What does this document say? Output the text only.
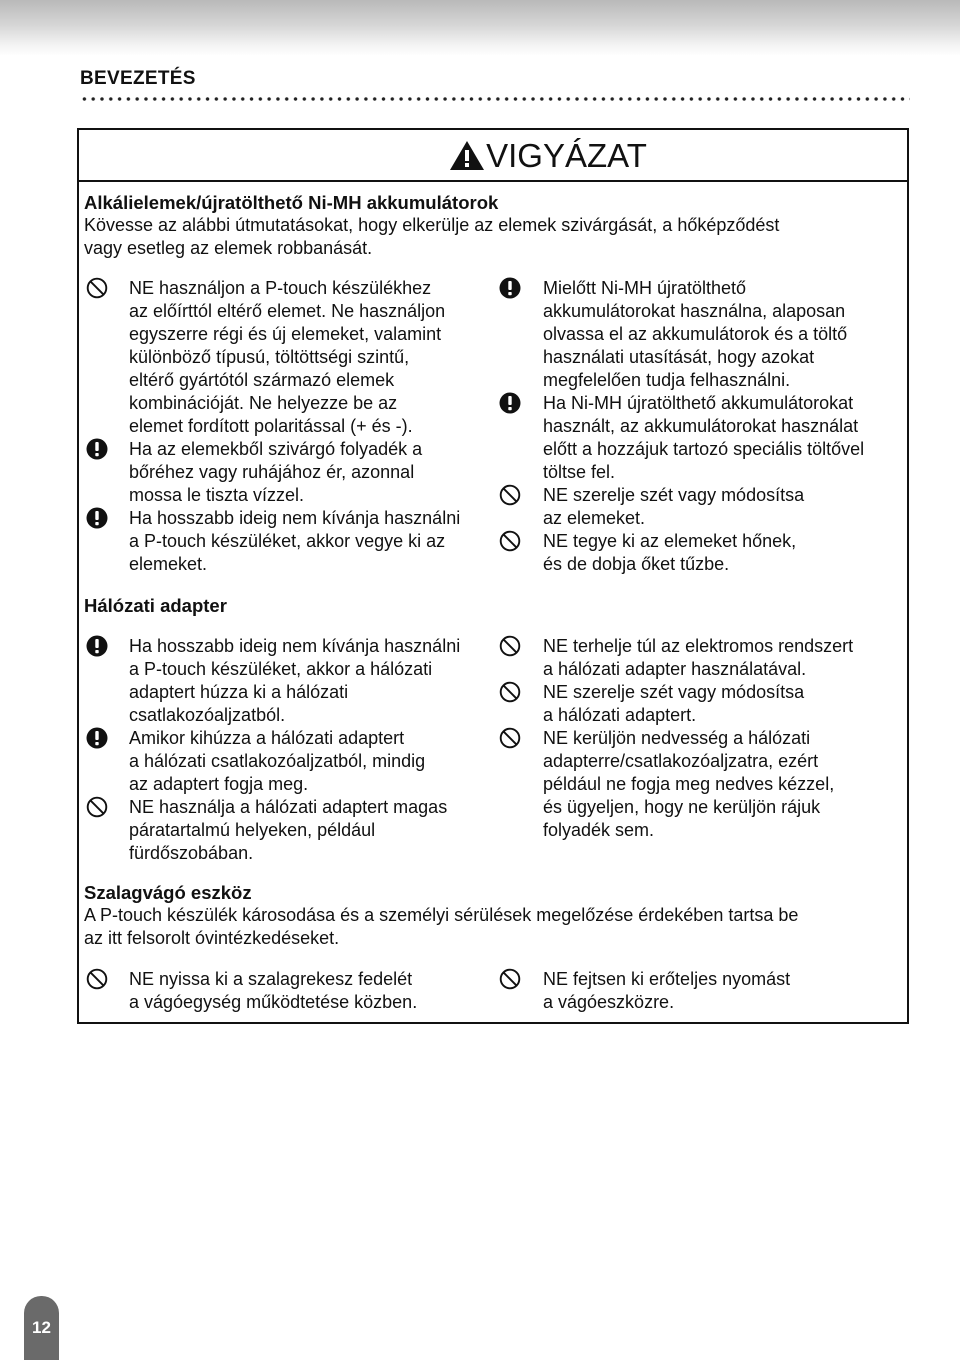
BEVEZETÉS
VIGYÁZAT
Alkálielemek/újratölthető Ni-MH akkumulátorok
Kövesse az alábbi útmutatásokat, hogy elkerülje az elemek szivárgását, a hőképződést
vagy esetleg az elemek robbanását.
Hálózati adapter
Szalagvágó eszköz
A P-touch készülék károsodása és a személyi sérülések megelőzése érdekében tartsa be
az itt felsorolt óvintézkedéseket.
NE használjon a P-touch készülékhez
az előírttól eltérő elemet. Ne használjon
egyszerre régi és új elemeket, valamint
különböző típusú, töltöttségi szintű,
eltérő gyártótól származó elemek
kombinációját. Ne helyezze be az
elemet fordított polaritással (+ és -).
Ha az elemekből szivárgó folyadék a
bőréhez vagy ruhájához ér, azonnal
mossa le tiszta vízzel.
Ha hosszabb ideig nem kívánja használni
a P-touch készüléket, akkor vegye ki az
elemeket.
Mielőtt Ni-MH újratölthető
akkumulátorokat használna, alaposan
olvassa el az akkumulátorok és a töltő
használati utasítását, hogy azokat
megfelelően tudja felhasználni.
Ha Ni-MH újratölthető akkumulátorokat
használt, az akkumulátorokat használat
előtt a hozzájuk tartozó speciális töltővel
töltse fel.
NE szerelje szét vagy módosítsa
az elemeket.
NE tegye ki az elemeket hőnek,
és de dobja őket tűzbe.
Ha hosszabb ideig nem kívánja használni
a P-touch készüléket, akkor a hálózati
adaptert húzza ki a hálózati
csatlakozóaljzatból.
Amikor kihúzza a hálózati adaptert
a hálózati csatlakozóaljzatból, mindig
az adaptert fogja meg.
NE használja a hálózati adaptert magas
páratartalmú helyeken, például
fürdőszobában.
NE terhelje túl az elektromos rendszert
a hálózati adapter használatával.
NE szerelje szét vagy módosítsa
a hálózati adaptert.
NE kerüljön nedvesség a hálózati
adapterre/csatlakozóaljzatra, ezért
például ne fogja meg nedves kézzel,
és ügyeljen, hogy ne kerüljön rájuk
folyadék sem.
NE nyissa ki a szalagrekesz fedelét
a vágóegység működtetése közben.
NE fejtsen ki erőteljes nyomást
a vágóeszközre.
12
